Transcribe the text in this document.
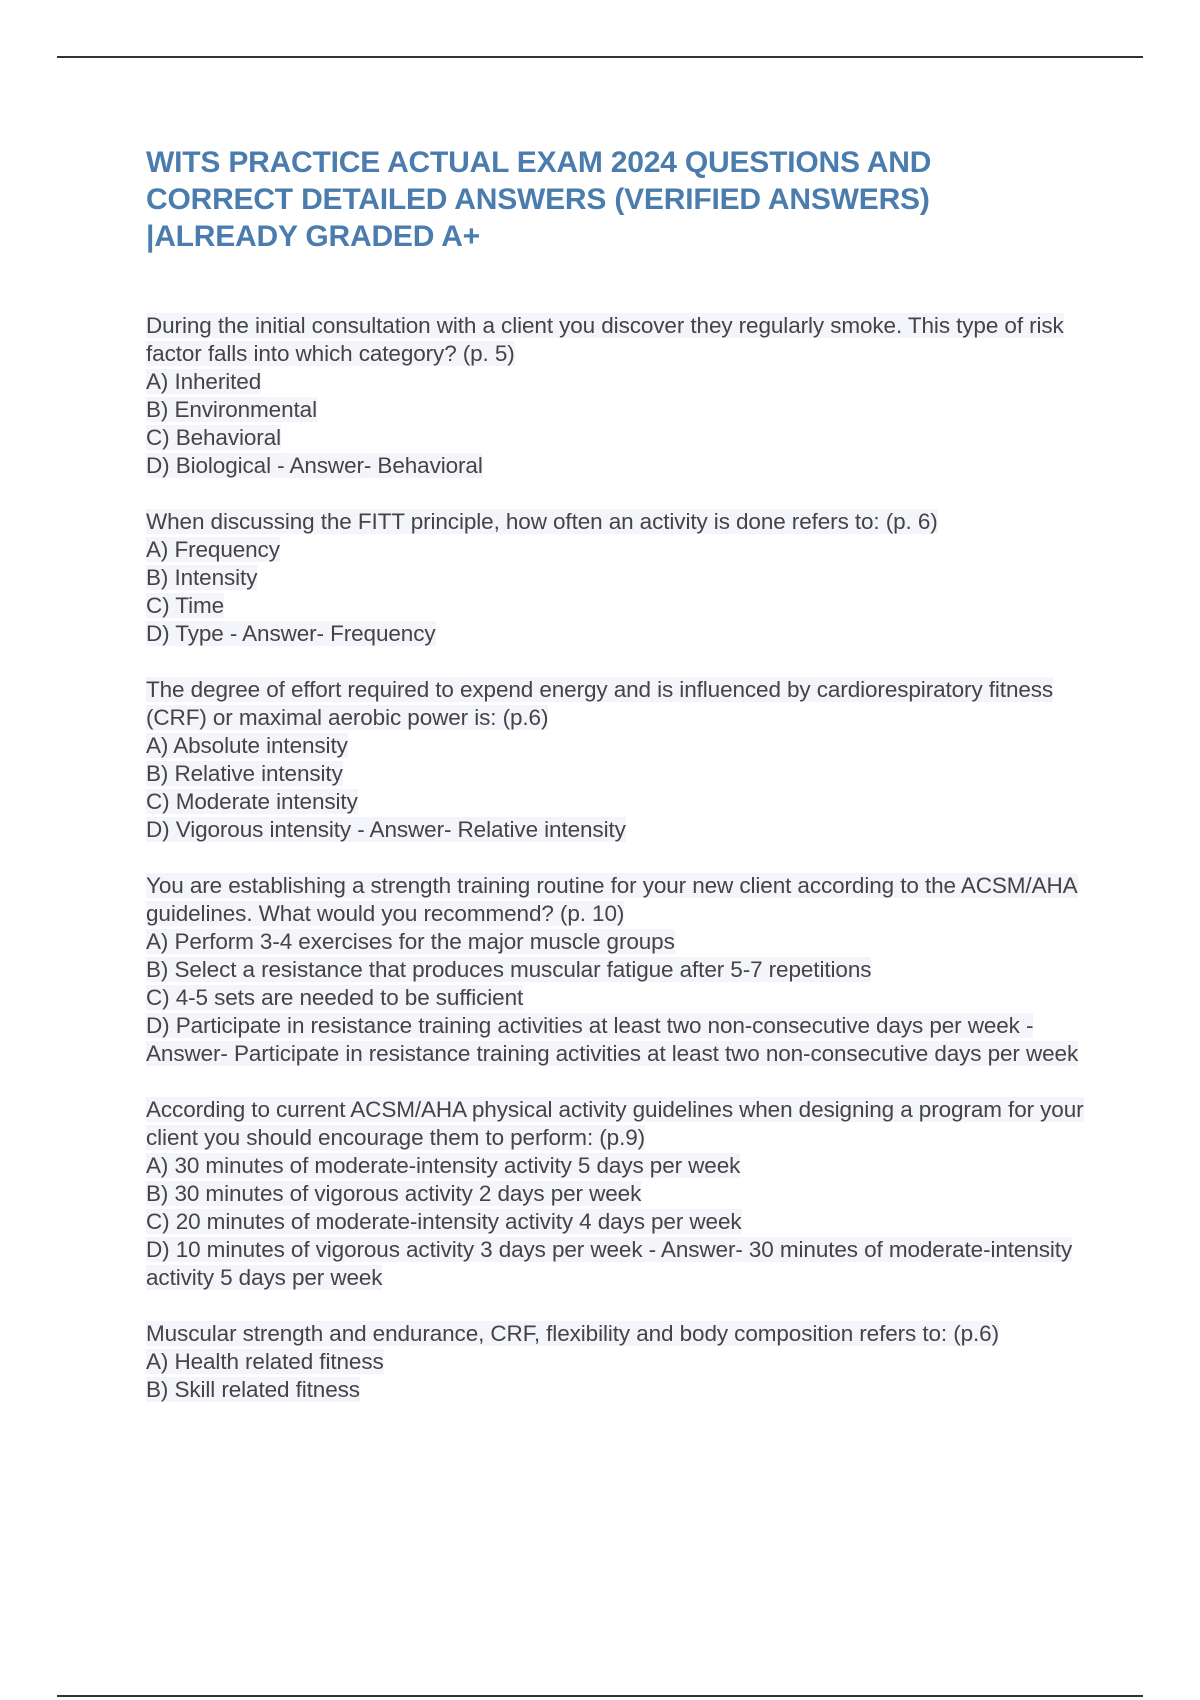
WITS PRACTICE ACTUAL EXAM 2024 QUESTIONS AND CORRECT DETAILED ANSWERS (VERIFIED ANSWERS) |ALREADY GRADED A+

During the initial consultation with a client you discover they regularly smoke. This type of risk factor falls into which category? (p. 5)

A) Inherited

B) Environmental

C) Behavioral

D) Biological - Answer- Behavioral

When discussing the FITT principle, how often an activity is done refers to: (p. 6)

A) Frequency

B) Intensity

C) Time

D) Type - Answer- Frequency

The degree of effort required to expend energy and is influenced by cardiorespiratory fitness (CRF) or maximal aerobic power is: (p.6)

A) Absolute intensity

B) Relative intensity

C) Moderate intensity

D) Vigorous intensity - Answer- Relative intensity

You are establishing a strength training routine for your new client according to the ACSM/AHA guidelines. What would you recommend? (p. 10)

A) Perform 3-4 exercises for the major muscle groups

B) Select a resistance that produces muscular fatigue after 5-7 repetitions

C) 4-5 sets are needed to be sufficient

D) Participate in resistance training activities at least two non-consecutive days per week - Answer- Participate in resistance training activities at least two non-consecutive days per week

According to current ACSM/AHA physical activity guidelines when designing a program for your client you should encourage them to perform: (p.9)

A) 30 minutes of moderate-intensity activity 5 days per week

B) 30 minutes of vigorous activity 2 days per week

C) 20 minutes of moderate-intensity activity 4 days per week

D) 10 minutes of vigorous activity 3 days per week - Answer- 30 minutes of moderate-intensity activity 5 days per week

Muscular strength and endurance, CRF, flexibility and body composition refers to: (p.6)

A) Health related fitness

B) Skill related fitness
